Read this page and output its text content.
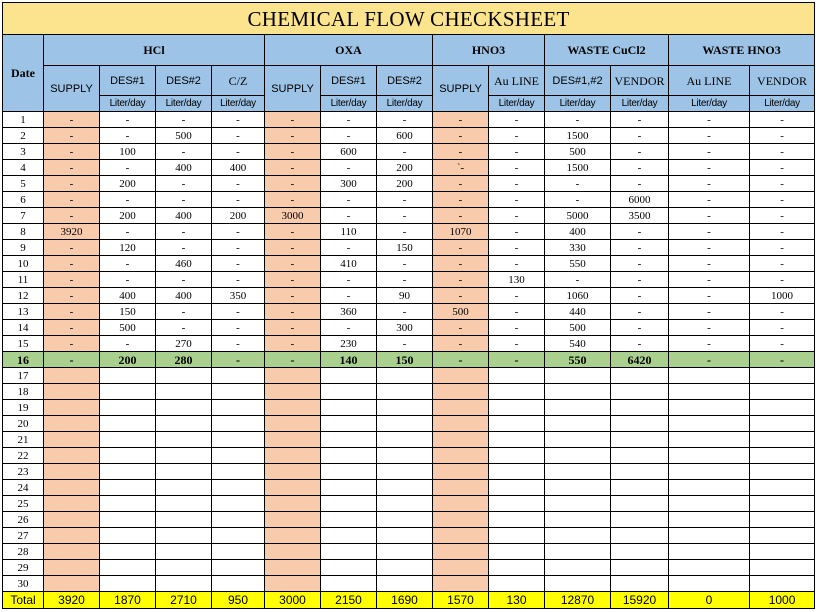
CHEMICAL FLOW CHECKSHEET													
Date	HCl				OXA			HNO3		WASTE CuCl2		WASTE HNO3	
	SUPPLY	DES#1	DES#2	C/Z	SUPPLY	DES#1	DES#2	SUPPLY	Au LINE	DES#1,#2	VENDOR	Au LINE	VENDOR
		Liter/day	Liter/day	Liter/day		Liter/day	Liter/day		Liter/day	Liter/day	Liter/day	Liter/day	Liter/day
1	-	-	-	-	-	-	-	-	-	-	-	-	-
2	-	-	500	-	-	-	600	-	-	1500	-	-	-
3	-	100	-	-	-	600	-	-	-	500	-	-	-
4	-	-	400	400	-	-	200	`-	-	1500	-	-	-
5	-	200	-	-	-	300	200	-	-	-	-	-	-
6	-	-	-	-	-	-	-	-	-	-	6000	-	-
7	-	200	400	200	3000	-	-	-	-	5000	3500	-	-
8	3920	-	-	-	-	110	-	1070	-	400	-	-	-
9	-	120	-	-	-	-	150	-	-	330	-	-	-
10	-	-	460	-	-	410	-	-	-	550	-	-	-
11	-	-	-	-	-	-	-	-	130	-	-	-	-
12	-	400	400	350	-	-	90	-	-	1060	-	-	1000
13	-	150	-	-	-	360	-	500	-	440	-	-	-
14	-	500	-	-	-	-	300	-	-	500	-	-	-
15	-	-	270	-	-	230	-	-	-	540	-	-	-
16	-	200	280	-	-	140	150	-	-	550	6420	-	-
17													
18													
19													
20													
21													
22													
23													
24													
25													
26													
27													
28													
29													
30													
Total	3920	1870	2710	950	3000	2150	1690	1570	130	12870	15920	0	1000
